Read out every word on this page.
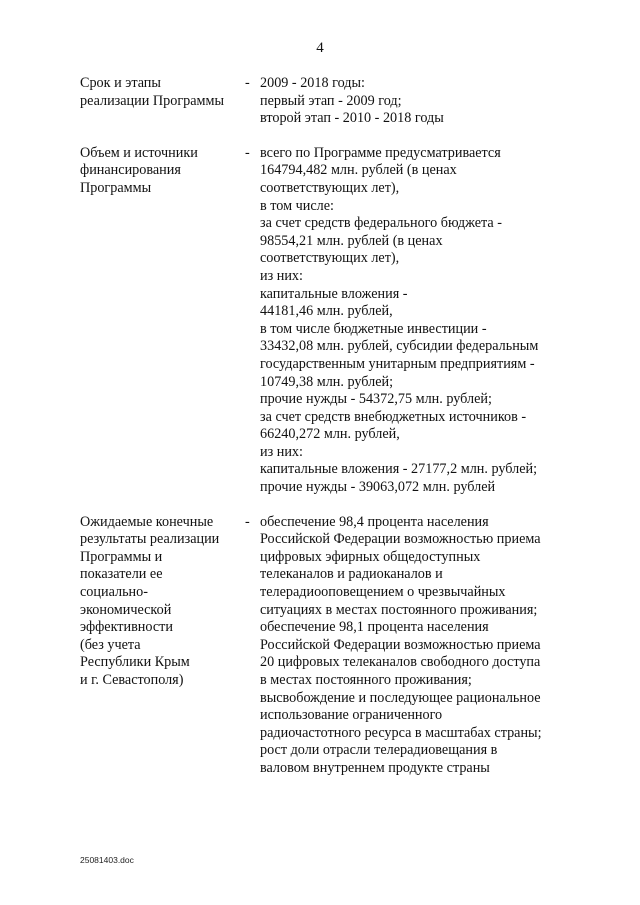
4
Срок и этапы
реализации Программы
- 2009 - 2018 годы:
первый этап - 2009 год;
второй этап - 2010 - 2018 годы
Объем и источники
финансирования
Программы
- всего по Программе предусматривается
164794,482 млн. рублей (в ценах
соответствующих лет),
в том числе:
за счет средств федерального бюджета -
98554,21 млн. рублей (в ценах
соответствующих лет),
из них:
капитальные вложения -
44181,46 млн. рублей,
в том числе бюджетные инвестиции -
33432,08 млн. рублей, субсидии федеральным
государственным унитарным предприятиям -
10749,38 млн. рублей;
прочие нужды - 54372,75 млн. рублей;
за счет средств внебюджетных источников -
66240,272 млн. рублей,
из них:
капитальные вложения - 27177,2 млн. рублей;
прочие нужды - 39063,072 млн. рублей
Ожидаемые конечные
результаты реализации
Программы и
показатели ее
социально-
экономической
эффективности
(без учета
Республики Крым
и г. Севастополя)
- обеспечение 98,4 процента населения
Российской Федерации возможностью приема
цифровых эфирных общедоступных
телеканалов и радиоканалов и
телерадиооповещением о чрезвычайных
ситуациях в местах постоянного проживания;
обеспечение 98,1 процента населения
Российской Федерации возможностью приема
20 цифровых телеканалов свободного доступа
в местах постоянного проживания;
высвобождение и последующее рациональное
использование ограниченного
радиочастотного ресурса в масштабах страны;
рост доли отрасли телерадиовещания в
валовом внутреннем продукте страны
25081403.doc
